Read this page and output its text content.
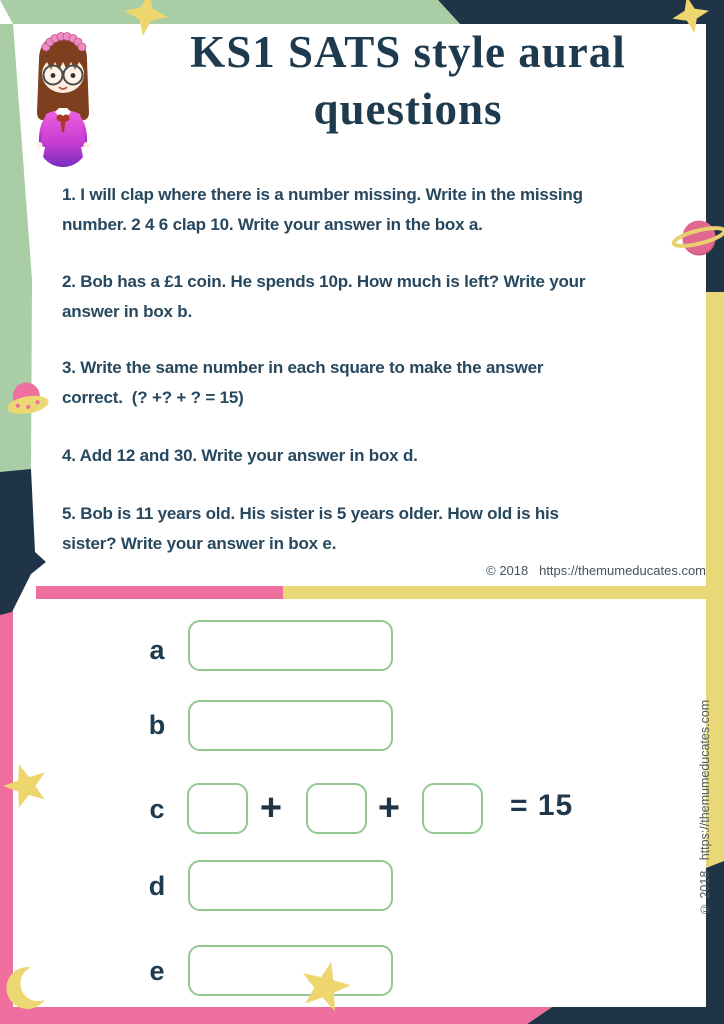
KS1 SATS style aural
questions
1. I will clap where there is a number missing. Write in the missing
number. 2 4 6 clap 10. Write your answer in the box a.
2. Bob has a £1 coin. He spends 10p. How much is left? Write your
answer in box b.
3. Write the same number in each square to make the answer
correct.  (? +? + ? = 15)
4. Add 12 and 30. Write your answer in box d.
5. Bob is 11 years old. His sister is 5 years older. How old is his
sister? Write your answer in box e.
© 2018   https://themumeducates.com
a
b
c	+	+	= 15
d
e
© 2018   https://themumeducates.com
